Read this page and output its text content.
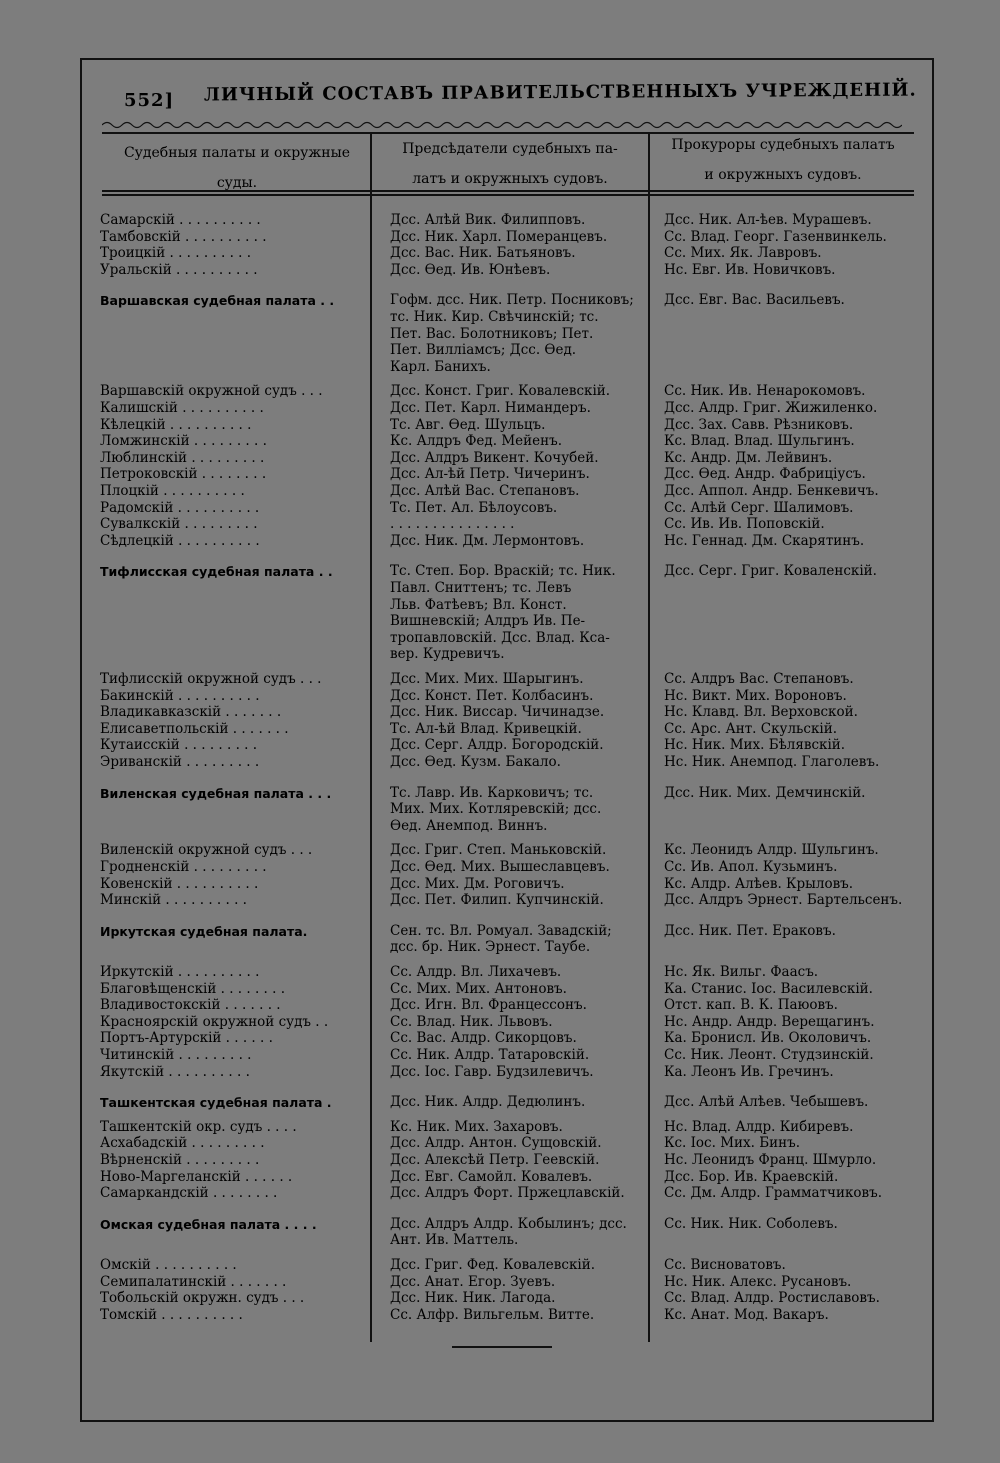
552] ЛИЧНЫЙ СОСТАВЪ ПРАВИТЕЛЬСТВЕННЫХЪ УЧРЕЖДЕНІЙ.
Судебныя палаты и окружные
суды.
Предсѣдатели судебныхъ па-
латъ и окружныхъ судовъ.
Прокуроры судебныхъ палатъ
и окружныхъ судовъ.
Самарскій . . . . . . . . . .	Дсс. Алѣй Вик. Филипповъ.	Дсс. Ник. Ал-ѣев. Мурашевъ.
Тамбовскій . . . . . . . . . .	Дсс. Ник. Харл. Померанцевъ.	Сс. Влад. Георг. Газенвинкель.
Троицкій . . . . . . . . . .	Дсс. Вас. Ник. Батьяновъ.	Сс. Мих. Як. Лавровъ.
Уральскій . . . . . . . . . .	Дсс. Ѳед. Ив. Юнѣевъ.	Нс. Евг. Ив. Новичковъ.
Варшавская судебная палата . .	Гофм. дсс. Ник. Петр. Посниковъ;	Дсс. Евг. Вас. Васильевъ.
тс. Ник. Кир. Свѣчинскій; тс.
Пет. Вас. Болотниковъ; Пет.
Пет. Виллiамсъ; Дсс. Ѳед.
Карл. Банихъ.
Варшавскій окружной судъ . . .	Дсс. Конст. Григ. Ковалевскій.	Сс. Ник. Ив. Ненарокомовъ.
Калишскій . . . . . . . . . .	Дсс. Пет. Карл. Нимандеръ.	Дсс. Алдр. Григ. Жижиленко.
Кѣлецкій . . . . . . . . . .	Тс. Авг. Ѳед. Шульцъ.	Дсс. Зах. Савв. Рѣзниковъ.
Ломжинскій . . . . . . . . .	Кс. Алдръ Фед. Мейенъ.	Кс. Влад. Влад. Шульгинъ.
Люблинскій . . . . . . . . .	Дсс. Алдръ Викент. Кочубей.	Кс. Андр. Дм. Лейвинъ.
Петроковскій . . . . . . . .	Дсс. Ал-ѣй Петр. Чичеринъ.	Дсс. Ѳед. Андр. Фабрицiусъ.
Плоцкій . . . . . . . . . .	Дсс. Алѣй Вас. Степановъ.	Дсс. Аппол. Андр. Бенкевичъ.
Радомскій . . . . . . . . . .	Тс. Пет. Ал. Бѣлоусовъ.	Сс. Алѣй Серг. Шалимовъ.
Сувалкскій . . . . . . . . .	. . . . . . . . . . . . . . .	Сс. Ив. Ив. Поповскій.
Сѣдлецкій . . . . . . . . . .	Дсс. Ник. Дм. Лермонтовъ.	Нс. Геннад. Дм. Скарятинъ.
Тифлисская судебная палата . .	Тс. Степ. Бор. Враскій; тс. Ник.	Дсс. Серг. Григ. Коваленскій.
Павл. Сниттенъ; тс. Левъ
Льв. Фатѣевъ; Вл. Конст.
Вишневскій; Алдръ Ив. Пе-
тропавловскій. Дсс. Влад. Кса-
вер. Кудревичъ.
Тифлисскій окружной судъ . . .	Дсс. Мих. Мих. Шарыгинъ.	Сс. Алдръ Вас. Степановъ.
Бакинскій . . . . . . . . . .	Дсс. Конст. Пет. Колбасинъ.	Нс. Викт. Мих. Вороновъ.
Владикавказскій . . . . . . .	Дсс. Ник. Виссар. Чичинадзе.	Нс. Клавд. Вл. Верховской.
Елисаветпольскій . . . . . . .	Тс. Ал-ѣй Влад. Кривецкій.	Сс. Арс. Ант. Скульскій.
Кутаисскій . . . . . . . . .	Дсс. Серг. Алдр. Богородскій.	Нс. Ник. Мих. Бѣлявскій.
Эриванскій . . . . . . . . .	Дсс. Ѳед. Кузм. Бакало.	Нс. Ник. Анемпод. Глаголевъ.
Виленская судебная палата . . .	Тс. Лавр. Ив. Карковичъ; тс.	Дсс. Ник. Мих. Демчинскій.
Мих. Мих. Котляревскій; дсс.
Ѳед. Анемпод. Виннъ.
Виленскій окружной судъ . . .	Дсс. Григ. Степ. Маньковскій.	Кс. Леонидъ Алдр. Шульгинъ.
Гродненскій . . . . . . . . .	Дсс. Ѳед. Мих. Вышеславцевъ.	Сс. Ив. Апол. Кузьминъ.
Ковенскій . . . . . . . . . .	Дсс. Мих. Дм. Роговичъ.	Кс. Алдр. Алѣев. Крыловъ.
Минскій . . . . . . . . . .	Дсс. Пет. Филип. Купчинскій.	Дсс. Алдръ Эрнест. Бартельсенъ.
Иркутская судебная палата.	Сен. тс. Вл. Ромуал. Завадскій;	Дсс. Ник. Пет. Ераковъ.
дсс. бр. Ник. Эрнест. Таубе.
Иркутскій . . . . . . . . . .	Сс. Алдр. Вл. Лихачевъ.	Нс. Як. Вильг. Фаасъ.
Благовѣщенскій . . . . . . . .	Сс. Мих. Мих. Антоновъ.	Ка. Станис. Іос. Василевскій.
Владивостокскій . . . . . . .	Дсс. Игн. Вл. Францессонъ.	Отст. кап. В. К. Паюовъ.
Красноярскій окружной судъ . .	Сс. Влад. Ник. Львовъ.	Нс. Андр. Андр. Верещагинъ.
Портъ-Артурскій . . . . . .	Сс. Вас. Алдр. Сикорцовъ.	Ка. Бронисл. Ив. Околовичъ.
Читинскій . . . . . . . . .	Сс. Ник. Алдр. Татаровскій.	Сс. Ник. Леонт. Студзинскій.
Якутскій . . . . . . . . . .	Дсс. Іос. Гавр. Будзилевичъ.	Ка. Леонъ Ив. Гречинъ.
Ташкентская судебная палата .	Дсс. Ник. Алдр. Дедюлинъ.	Дсс. Алѣй Алѣев. Чебышевъ.
Ташкентскій окр. судъ . . . .	Кс. Ник. Мих. Захаровъ.	Нс. Влад. Алдр. Кибиревъ.
Асхабадскій . . . . . . . . .	Дсс. Алдр. Антон. Сущовскій.	Кс. Іос. Мих. Бинъ.
Вѣрненскій . . . . . . . . .	Дсс. Алексѣй Петр. Геевскій.	Нс. Леонидъ Франц. Шмурло.
Ново-Маргеланскій . . . . . .	Дсс. Евг. Самойл. Ковалевъ.	Дсс. Бор. Ив. Краевскій.
Самаркандскій . . . . . . . .	Дсс. Алдръ Форт. Пржецлавскій.	Сс. Дм. Алдр. Грамматчиковъ.
Омская судебная палата . . . .	Дсс. Алдръ Алдр. Кобылинъ; дсс.	Сс. Ник. Ник. Соболевъ.
Ант. Ив. Маттель.
Омскій . . . . . . . . . .	Дсс. Григ. Фед. Ковалевскій.	Сс. Висноватовъ.
Семипалатинскій . . . . . . .	Дсс. Анат. Егор. Зуевъ.	Нс. Ник. Алекс. Русановъ.
Тобольскій окружн. судъ . . .	Дсс. Ник. Ник. Лагода.	Сс. Влад. Алдр. Ростиславовъ.
Томскій . . . . . . . . . .	Сс. Алфр. Вильгельм. Витте.	Кс. Анат. Мод. Вакаръ.
